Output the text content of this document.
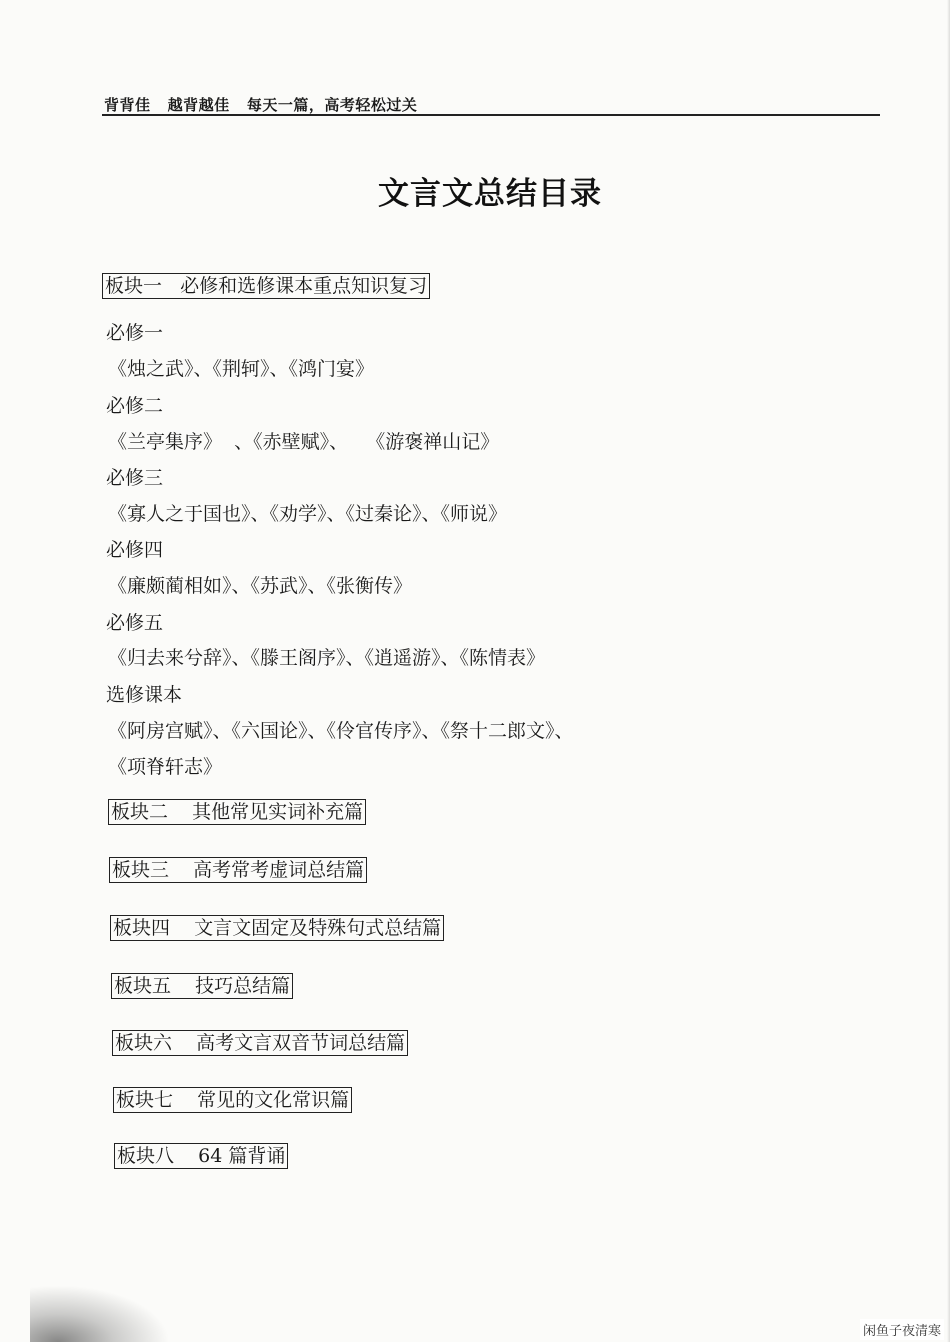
背背佳   越背越佳   每天一篇，高考轻松过关
文言文总结目录
板块一   必修和选修课本重点知识复习
必修一
《烛之武》、《荆轲》、《鸿门宴》
必修二
《兰亭集序》  、《赤壁赋》、   《游褒禅山记》
必修三
《寡人之于国也》、《劝学》、《过秦论》、《师说》
必修四
《廉颇蔺相如》、《苏武》、《张衡传》
必修五
《归去来兮辞》、《滕王阁序》、《逍遥游》、《陈情表》
选修课本
《阿房宫赋》、《六国论》、《伶官传序》、《祭十二郎文》、
《项脊轩志》
板块二    其他常见实词补充篇
板块三    高考常考虚词总结篇
板块四    文言文固定及特殊句式总结篇
板块五    技巧总结篇
板块六    高考文言双音节词总结篇
板块七    常见的文化常识篇
板块八    64 篇背诵
闲鱼子夜清寒
